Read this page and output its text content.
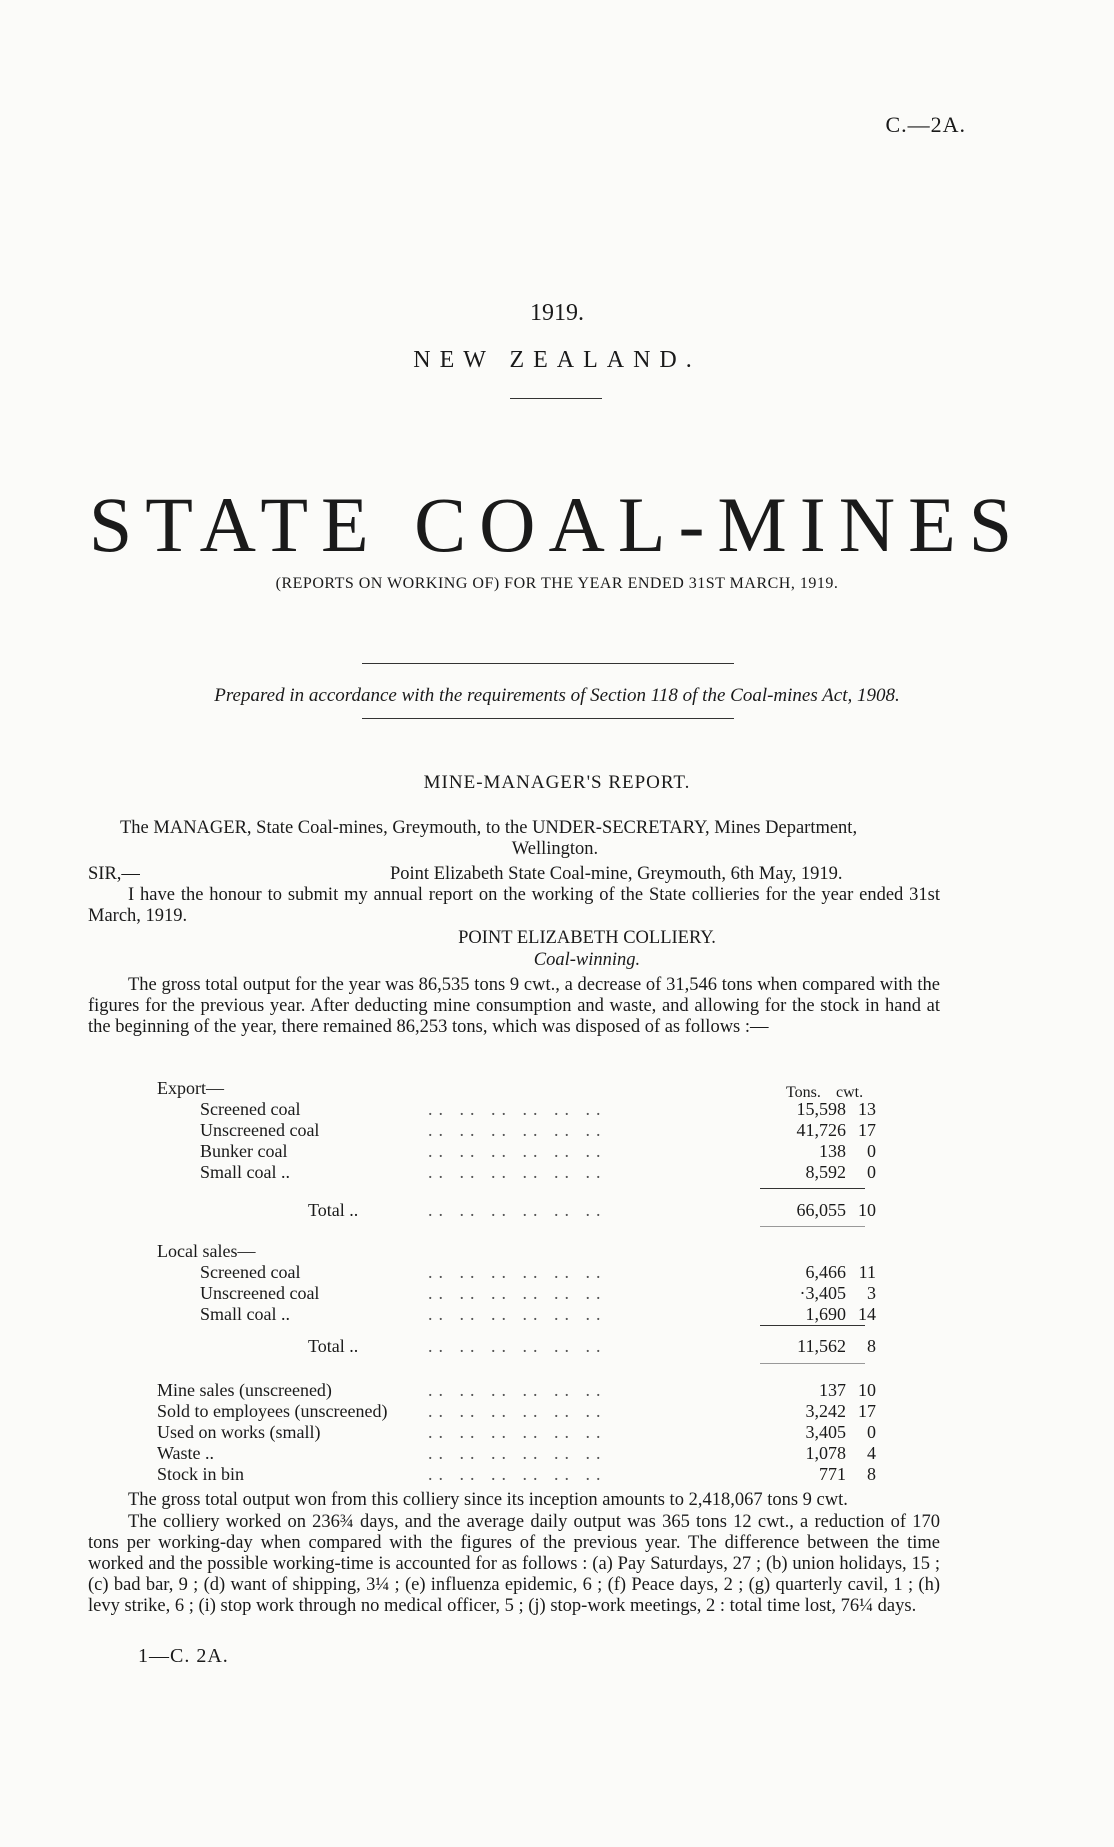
C.—2A.
1919.
NEW ZEALAND.
STATE COAL-MINES
(REPORTS ON WORKING OF) FOR THE YEAR ENDED 31ST MARCH, 1919.
Prepared in accordance with the requirements of Section 118 of the Coal-mines Act, 1908.
MINE-MANAGER'S REPORT.
The MANAGER, State Coal-mines, Greymouth, to the UNDER-SECRETARY, Mines Department,
Wellington.
SIR,—	Point Elizabeth State Coal-mine, Greymouth, 6th May, 1919.
I have the honour to submit my annual report on the working of the State collieries for the year ended 31st March, 1919.
POINT ELIZABETH COLLIERY.
Coal-winning.
The gross total output for the year was 86,535 tons 9 cwt., a decrease of 31,546 tons when compared with the figures for the previous year. After deducting mine consumption and waste, and allowing for the stock in hand at the beginning of the year, there remained 86,253 tons, which was disposed of as follows :—
Tons. cwt.
Export—
Screened coal	.. .. .. .. .. ..	15,598 13
Unscreened coal	.. .. .. .. .. ..	41,726 17
Bunker coal	.. .. .. .. .. ..	138	0
Small coal ..	.. .. .. .. .. ..	8,592	0
Total ..	.. .. .. .. .. ..	66,055 10
Local sales—
Screened coal	.. .. .. .. .. ..	6,466 11
Unscreened coal	.. .. .. .. .. ..	·3,405	3
Small coal ..	.. .. .. .. .. ..	1,690 14
Total ..	.. .. .. .. .. ..	11,562	8
Mine sales (unscreened)	.. .. .. .. .. ..	137 10
Sold to employees (unscreened) .. .. .. .. .. ..	3,242 17
Used on works (small)	.. .. .. .. .. ..	3,405	0
Waste ..	.. .. .. .. .. ..	1,078	4
Stock in bin	.. .. .. .. .. ..	771	8
The gross total output won from this colliery since its inception amounts to 2,418,067 tons 9 cwt.
The colliery worked on 236¾ days, and the average daily output was 365 tons 12 cwt., a reduction of 170 tons per working-day when compared with the figures of the previous year. The difference between the time worked and the possible working-time is accounted for as follows : (a) Pay Saturdays, 27 ; (b) union holidays, 15 ; (c) bad bar, 9 ; (d) want of shipping, 3¼ ; (e) influenza epidemic, 6 ; (f) Peace days, 2 ; (g) quarterly cavil, 1 ; (h) levy strike, 6 ; (i) stop work through no medical officer, 5 ; (j) stop-work meetings, 2 : total time lost, 76¼ days.
1—C. 2A.
